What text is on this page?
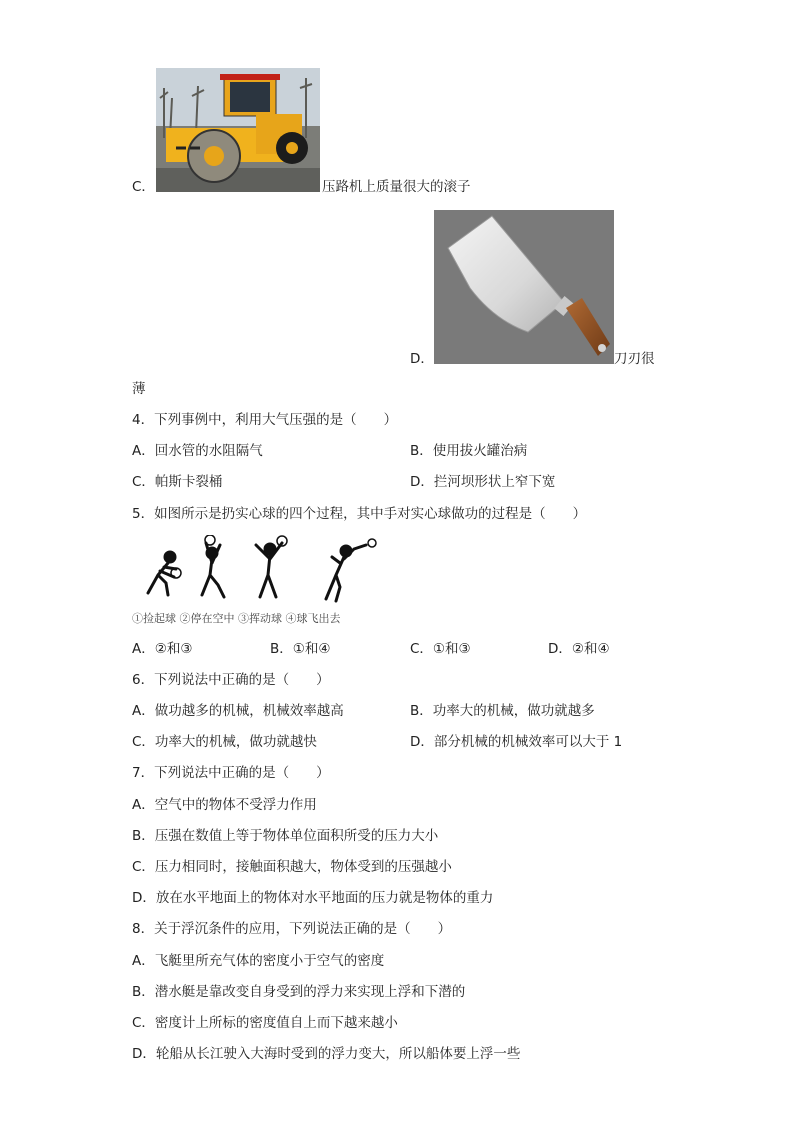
C．	压路机上质量很大的滚子
D．	刀刃很
薄
4．下列事例中，利用大气压强的是（　　）
A．回水管的水阻隔气	B．使用拔火罐治病
C．帕斯卡裂桶	D．拦河坝形状上窄下宽
5．如图所示是扔实心球的四个过程，其中手对实心球做功的过程是（　　）
①捡起球 ②停在空中 ③挥动球 ④球飞出去
A．②和③	B．①和④	C．①和③	D．②和④
6．下列说法中正确的是（　　）
A．做功越多的机械，机械效率越高	B．功率大的机械，做功就越多
C．功率大的机械，做功就越快	D．部分机械的机械效率可以大于 1
7．下列说法中正确的是（　　）
A．空气中的物体不受浮力作用
B．压强在数值上等于物体单位面积所受的压力大小
C．压力相同时，接触面积越大，物体受到的压强越小
D．放在水平地面上的物体对水平地面的压力就是物体的重力
8．关于浮沉条件的应用，下列说法正确的是（　　）
A．飞艇里所充气体的密度小于空气的密度
B．潜水艇是靠改变自身受到的浮力来实现上浮和下潜的
C．密度计上所标的密度值自上而下越来越小
D．轮船从长江驶入大海时受到的浮力变大，所以船体要上浮一些
